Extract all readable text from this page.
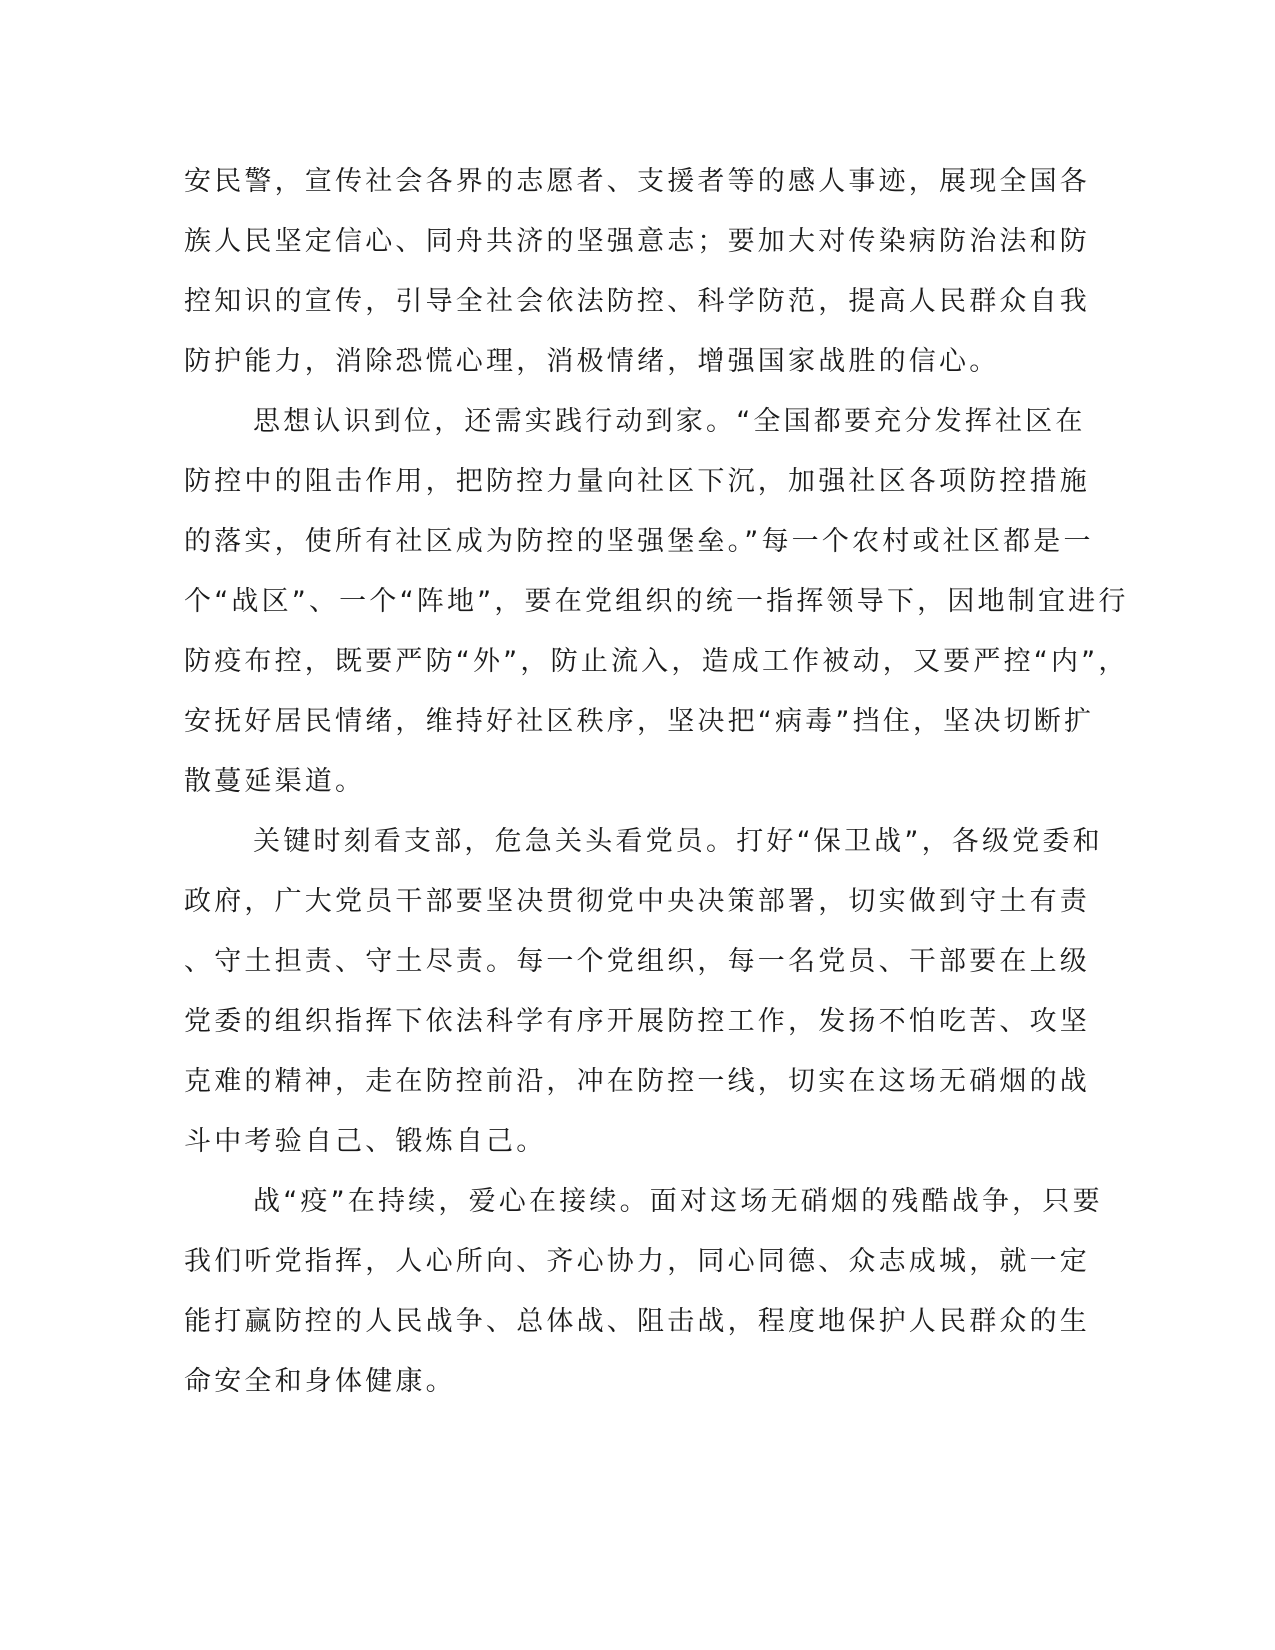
安民警，宣传社会各界的志愿者、支援者等的感人事迹，展现全国各
族人民坚定信心、同舟共济的坚强意志；要加大对传染病防治法和防
控知识的宣传，引导全社会依法防控、科学防范，提高人民群众自我
防护能力，消除恐慌心理，消极情绪，增强国家战胜的信心。
思想认识到位，还需实践行动到家。“全国都要充分发挥社区在
防控中的阻击作用，把防控力量向社区下沉，加强社区各项防控措施
的落实，使所有社区成为防控的坚强堡垒。”每一个农村或社区都是一
个“战区”、一个“阵地”，要在党组织的统一指挥领导下，因地制宜进行
防疫布控，既要严防“外”，防止流入，造成工作被动，又要严控“内”，
安抚好居民情绪，维持好社区秩序，坚决把“病毒”挡住，坚决切断扩
散蔓延渠道。
关键时刻看支部，危急关头看党员。打好“保卫战”，各级党委和
政府，广大党员干部要坚决贯彻党中央决策部署，切实做到守土有责
、守土担责、守土尽责。每一个党组织，每一名党员、干部要在上级
党委的组织指挥下依法科学有序开展防控工作，发扬不怕吃苦、攻坚
克难的精神，走在防控前沿，冲在防控一线，切实在这场无硝烟的战
斗中考验自己、锻炼自己。
战“疫”在持续，爱心在接续。面对这场无硝烟的残酷战争，只要
我们听党指挥，人心所向、齐心协力，同心同德、众志成城，就一定
能打赢防控的人民战争、总体战、阻击战，程度地保护人民群众的生
命安全和身体健康。
